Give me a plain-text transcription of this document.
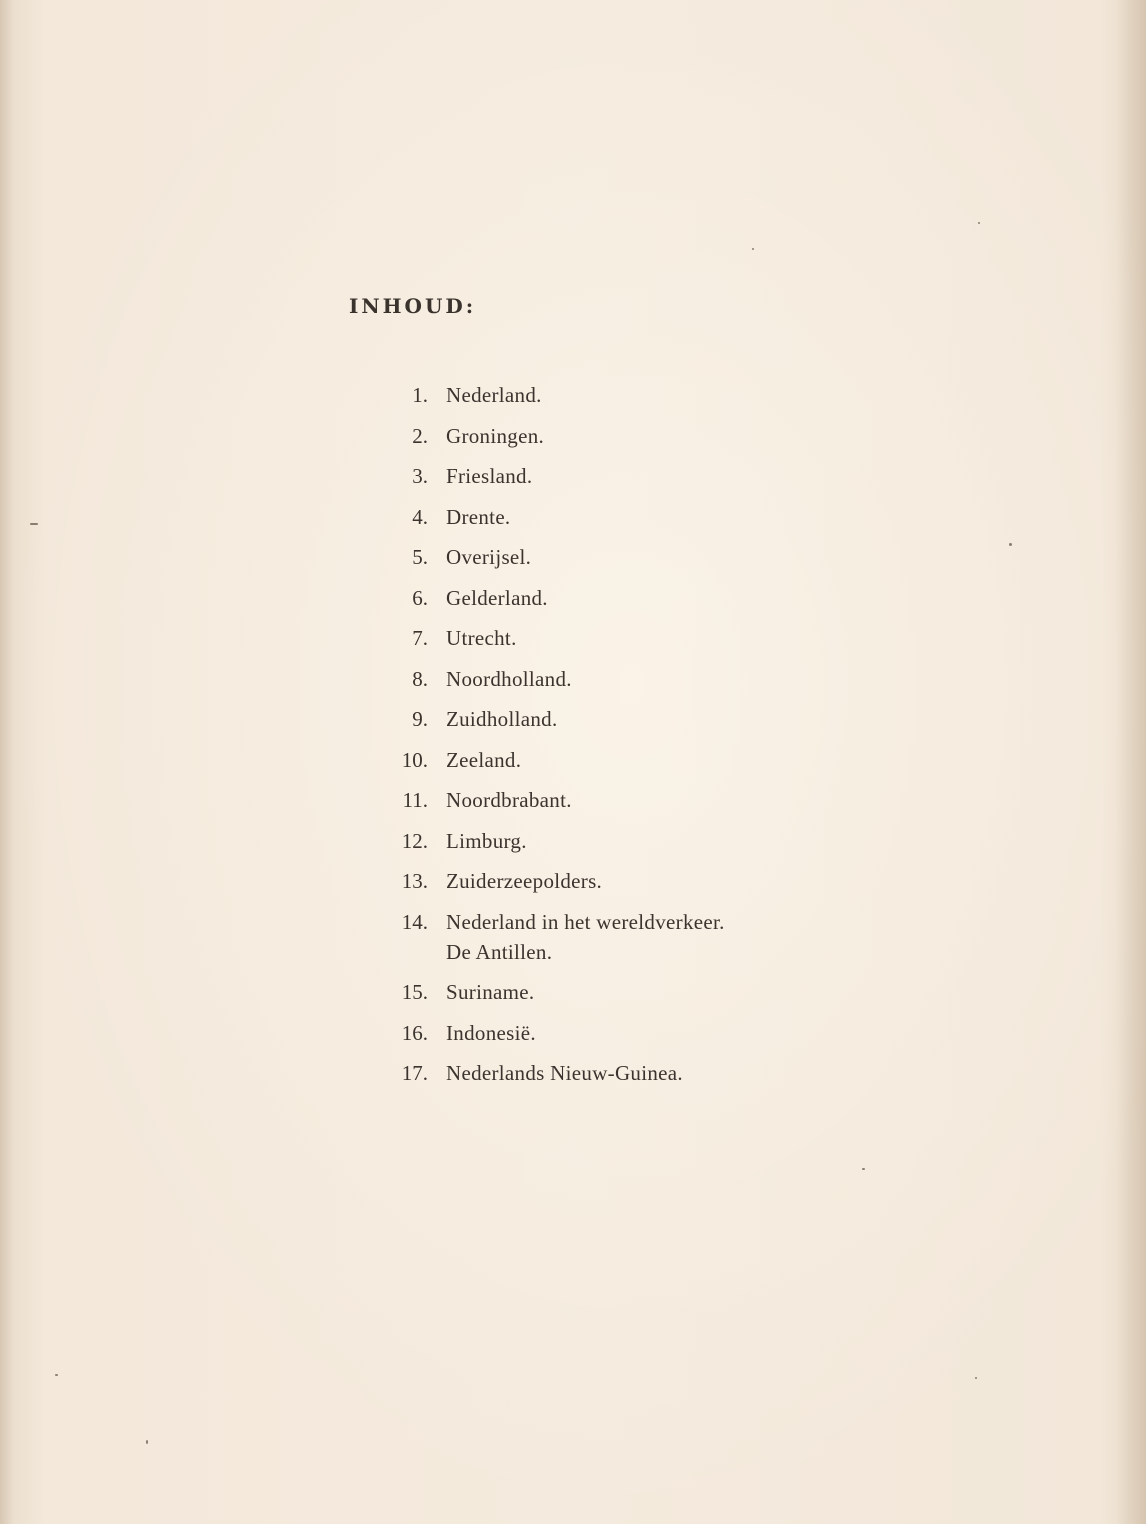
INHOUD:
1. Nederland.
2. Groningen.
3. Friesland.
4. Drente.
5. Overijsel.
6. Gelderland.
7. Utrecht.
8. Noordholland.
9. Zuidholland.
10. Zeeland.
11. Noordbrabant.
12. Limburg.
13. Zuiderzeepolders.
14. Nederland in het wereldverkeer.
De Antillen.
15. Suriname.
16. Indonesië.
17. Nederlands Nieuw-Guinea.
